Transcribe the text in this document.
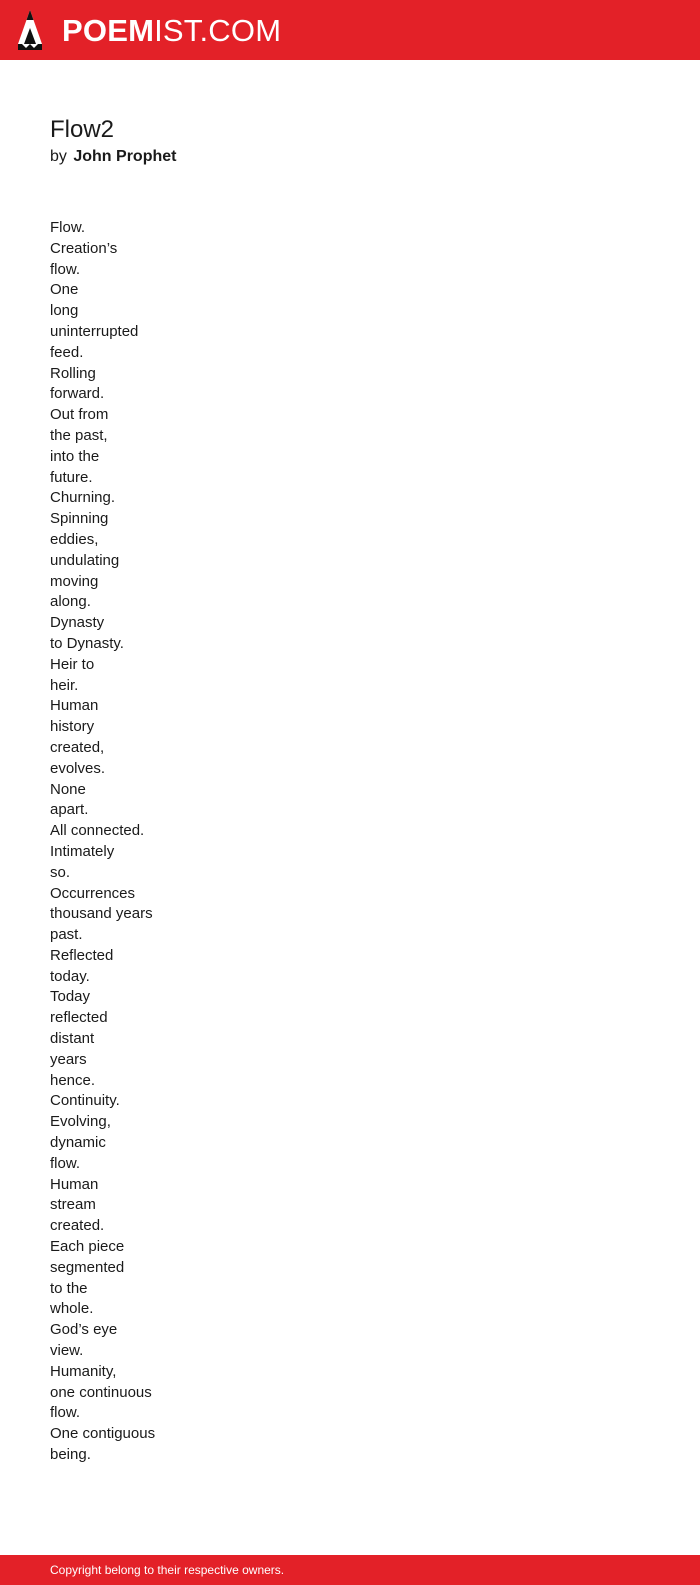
POEMIST.COM
Flow2
by John Prophet
Flow.
Creation’s
flow.
One
long
uninterrupted
feed.
Rolling
forward.
Out from
the past,
into the
future.
Churning.
Spinning
eddies,
undulating
moving
along.
Dynasty
to Dynasty.
Heir to
heir.
Human
history
created,
evolves.
None
apart.
All connected.
Intimately
so.
Occurrences
thousand years
past.
Reflected
today.
Today
reflected
distant
years
hence.
Continuity.
Evolving,
dynamic
flow.
Human
stream
created.
Each piece
segmented
to the
whole.
God’s eye
view.
Humanity,
one continuous
flow.
One contiguous
being.
Copyright belong to their respective owners.
